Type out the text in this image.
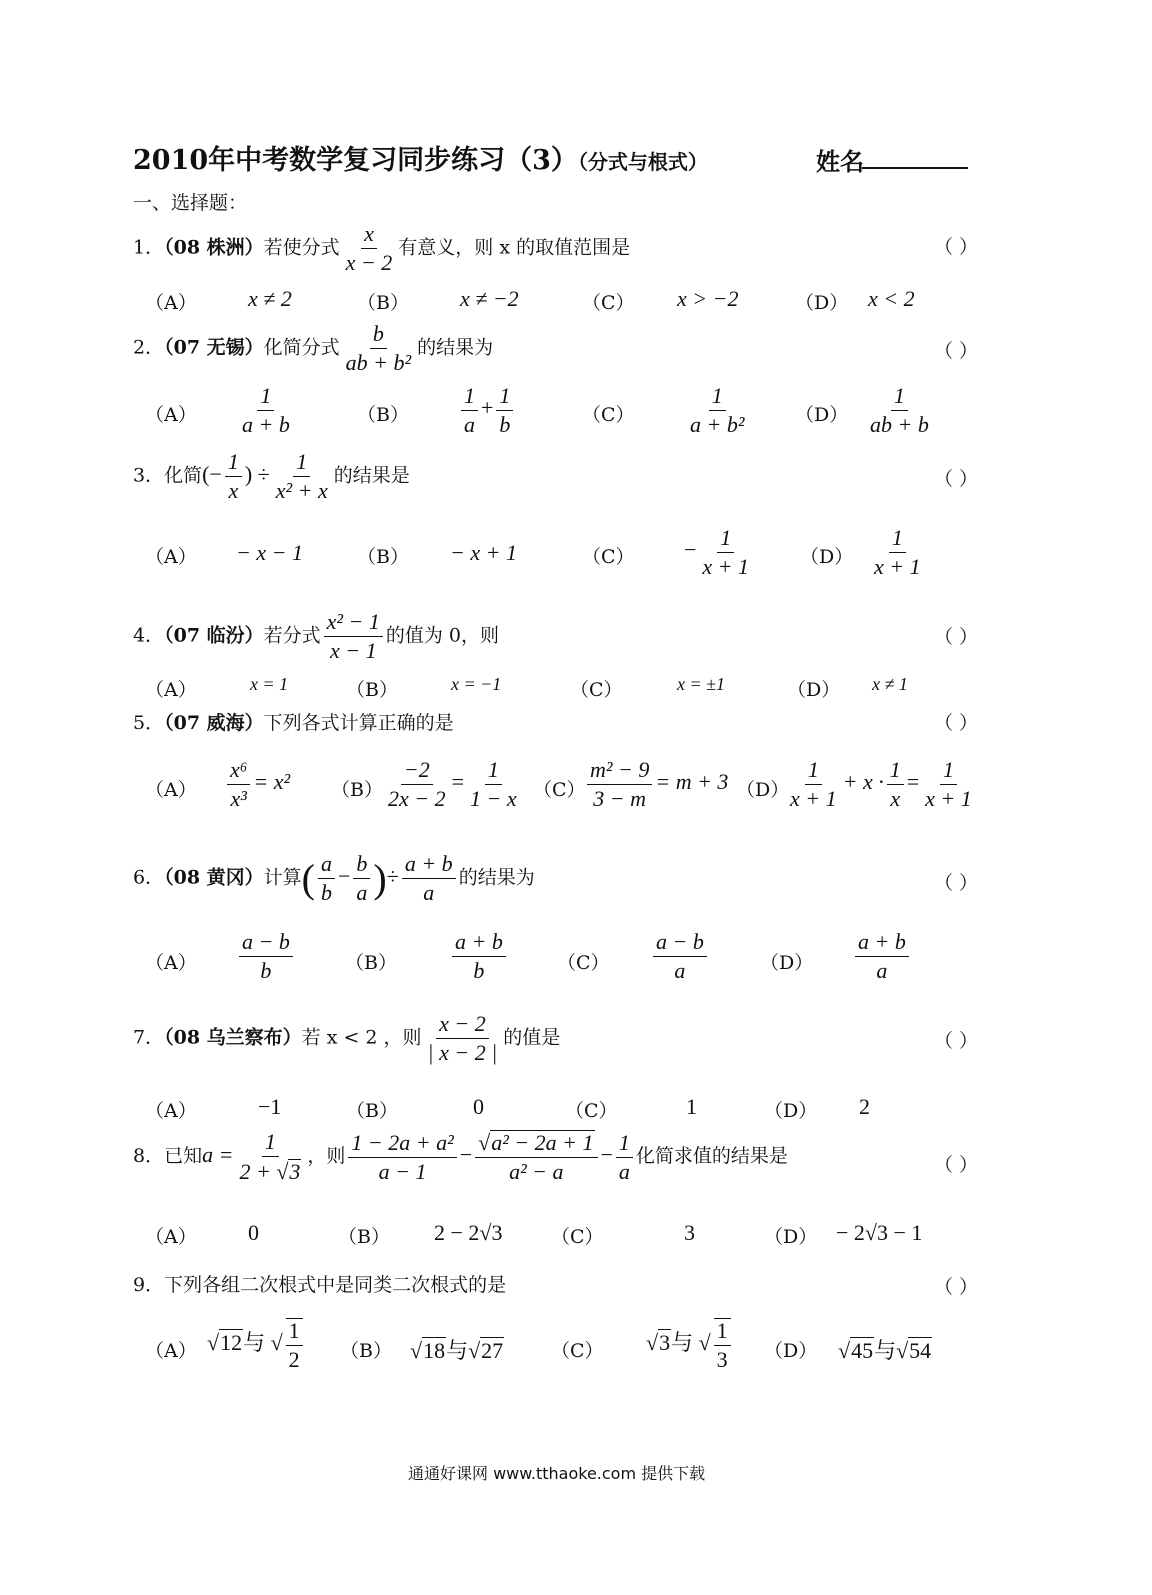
2010年中考数学复习同步练习（3）（分式与根式）	姓名
一、选择题：
1．（08 株洲）若使分式 $\frac{x}{x - 2}$ 有意义，则 x 的取值范围是	（ ）
（A） x ≠ 2	（B） x ≠ −2	（C） x > −2	（D） x < 2
2．（07 无锡）化简分式 $\frac{b}{\text{ab + b²}}$ 的结果为	（ ）
$(A) \frac{1}{a + b}$	$(B) \frac{1}{a} + \frac{1}{b}$	$(C) \frac{1}{\text{a + b²}}$	$(D) \frac{1}{ab + b}$
3．化简(− $\frac{1}{x}$ ) ÷ $\frac{1}{\text{x² + x}}$ 的结果是	（ ）
（A） − x − 1	（B） − x + 1	$(C) - \frac{1}{x + 1}$	$(D) \frac{1}{x + 1}$
4．（07 临汾）若分式 $\frac{\text{x² − 1}}{x - 1}$ 的值为 0，则	（ ）
（A）	x = 1	（B）	x = −1	（C）	x = ±1	（D） x ≠ 1
5．（07 威海）下列各式计算正确的是	（ ）
$(A) \frac{\text{x⁶}}{\text{x³}} = x^2$ $(B) \frac{-2}{2x - 2} = \frac{1}{1 - x} (C) \frac{\text{m² − 9}}{3 - m} = m + 3$ （D）
$\frac{1}{x + 1} + x \cdot \frac{1}{x} = \frac{1}{x + 1}$
6．（08 黄冈）计算( $\frac{a}{b} - \frac{b}{a}$ )÷ $\frac{a + b}{a}$ 的结果为	（ ）
$(A) \frac{a - b}{b}$	（B）	$\frac{a + b}{b}$	$(C) \frac{a - b}{a}$	$(D) \frac{a + b}{a}$
7．（08 乌兰察布）若 x < 2 ，则 $\frac{x - 2}{| x - 2 |}$ 的值是	（ ）
（A）	−1	（B）	0	（C）	1	（D） 2
8．已知$a = \frac{1}{2 + √3}$ ，则 $\frac{\text{1 − 2a + a²}}{a - 1} - \frac{\text{√a² − 2a + 1}}{\text{a² − a}} - \frac{1}{a}$ 化简求值的结果是	（ ）
（A） 0	（B） 2 − 2√3	（C）	3	（D） − 2√3 − 1
9．下列各组二次根式中是同类二次根式的是	（ ）
（A） √12与 √ $\frac{1}{2} (B)$ √18与√27	（C） √3与 √ $\frac{1}{3} (D)$ √45与√54
通通好课网 www.tthaoke.com 提供下载
